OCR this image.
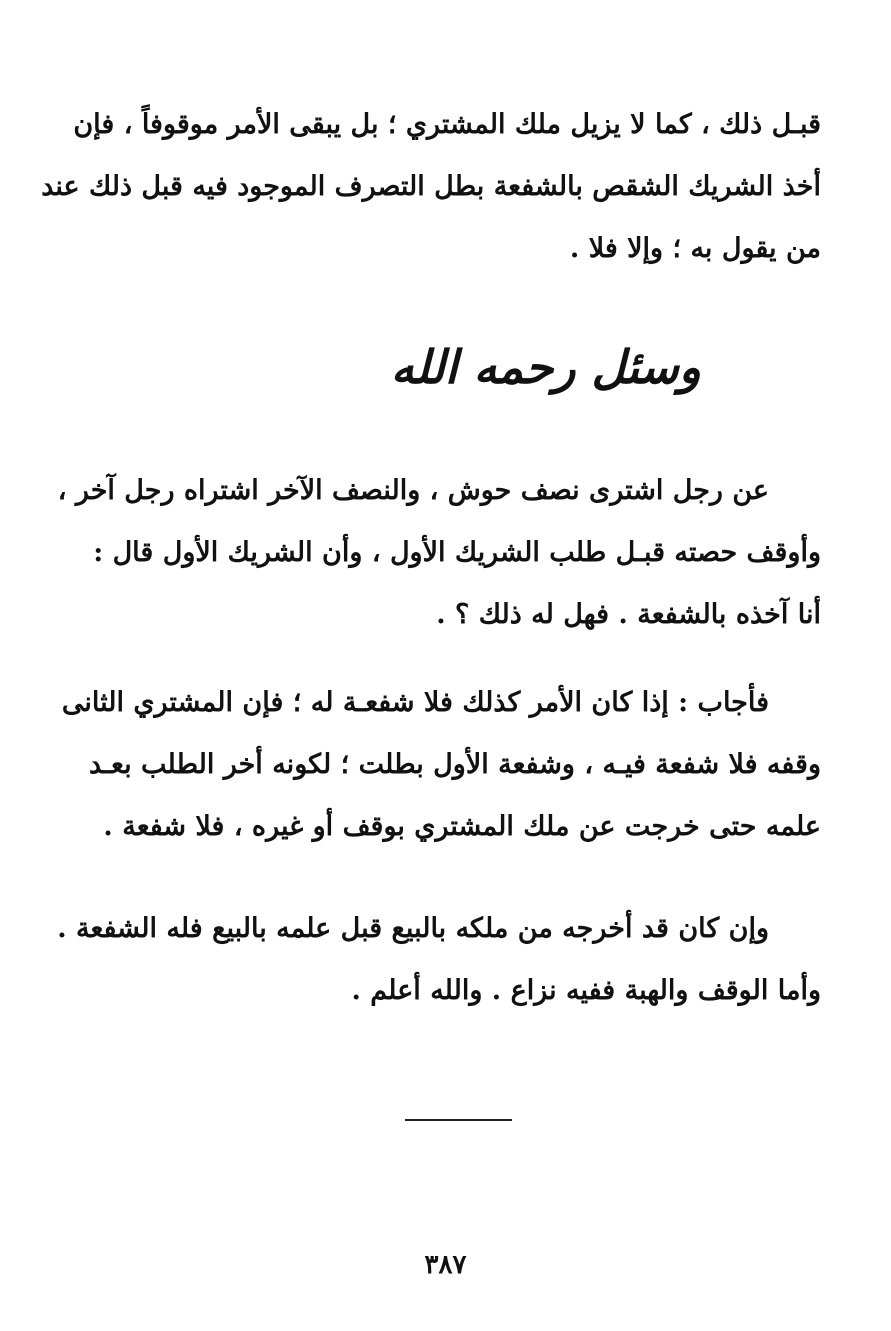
قبـل ذلك ، كما لا يزيل ملك المشتري ؛ بل يبقى الأمر موقوفاً ، فإن
أخذ الشريك الشقص بالشفعة بطل التصرف الموجود فيه قبل ذلك عند
من يقول به ؛ وإلا فلا .
وسئل رحمه الله
عن رجل اشترى نصف حوش ، والنصف الآخر اشتراه رجل آخر ،
وأوقف حصته قبـل طلب الشريك الأول ، وأن الشريك الأول قال :
أنا آخذه بالشفعة . فهل له ذلك ؟ .
فأجاب : إذا كان الأمر كذلك فلا شفعـة له ؛ فإن المشتري الثانى
وقفه فلا شفعة فيـه ، وشفعة الأول بطلت ؛ لكونه أخر الطلب بعـد
علمه حتى خرجت عن ملك المشتري بوقف أو غيره ، فلا شفعة .
وإن كان قد أخرجه من ملكه بالبيع قبل علمه بالبيع فله الشفعة .
وأما الوقف والهبة ففيه نزاع . والله أعلم .
٣٨٧
